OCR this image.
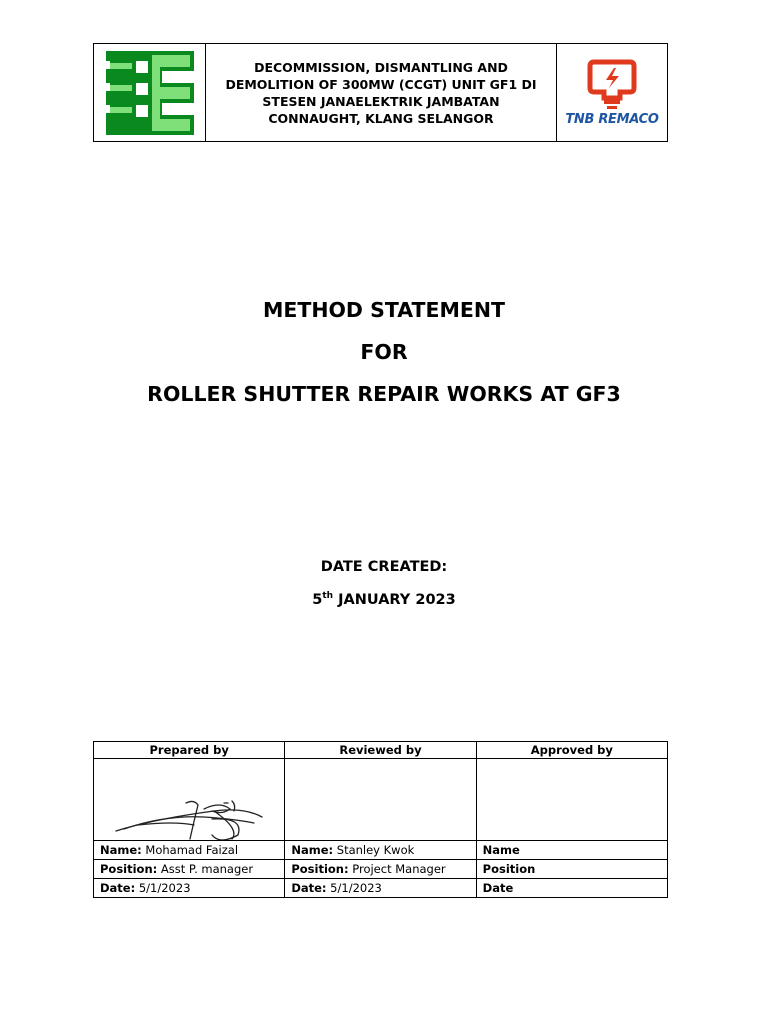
DECOMMISSION, DISMANTLING AND
DEMOLITION OF 300MW (CCGT) UNIT GF1 DI
STESEN JANAELEKTRIK JAMBATAN
CONNAUGHT, KLANG SELANGOR	TNB REMACO
METHOD STATEMENT
FOR
ROLLER SHUTTER REPAIR WORKS AT GF3
DATE CREATED:
5th JANUARY 2023
Prepared by	Reviewed by	Approved by

Name: Mohamad Faizal	Name: Stanley Kwok	Name
Position: Asst P. manager	Position: Project Manager	Position
Date: 5/1/2023	Date: 5/1/2023	Date
